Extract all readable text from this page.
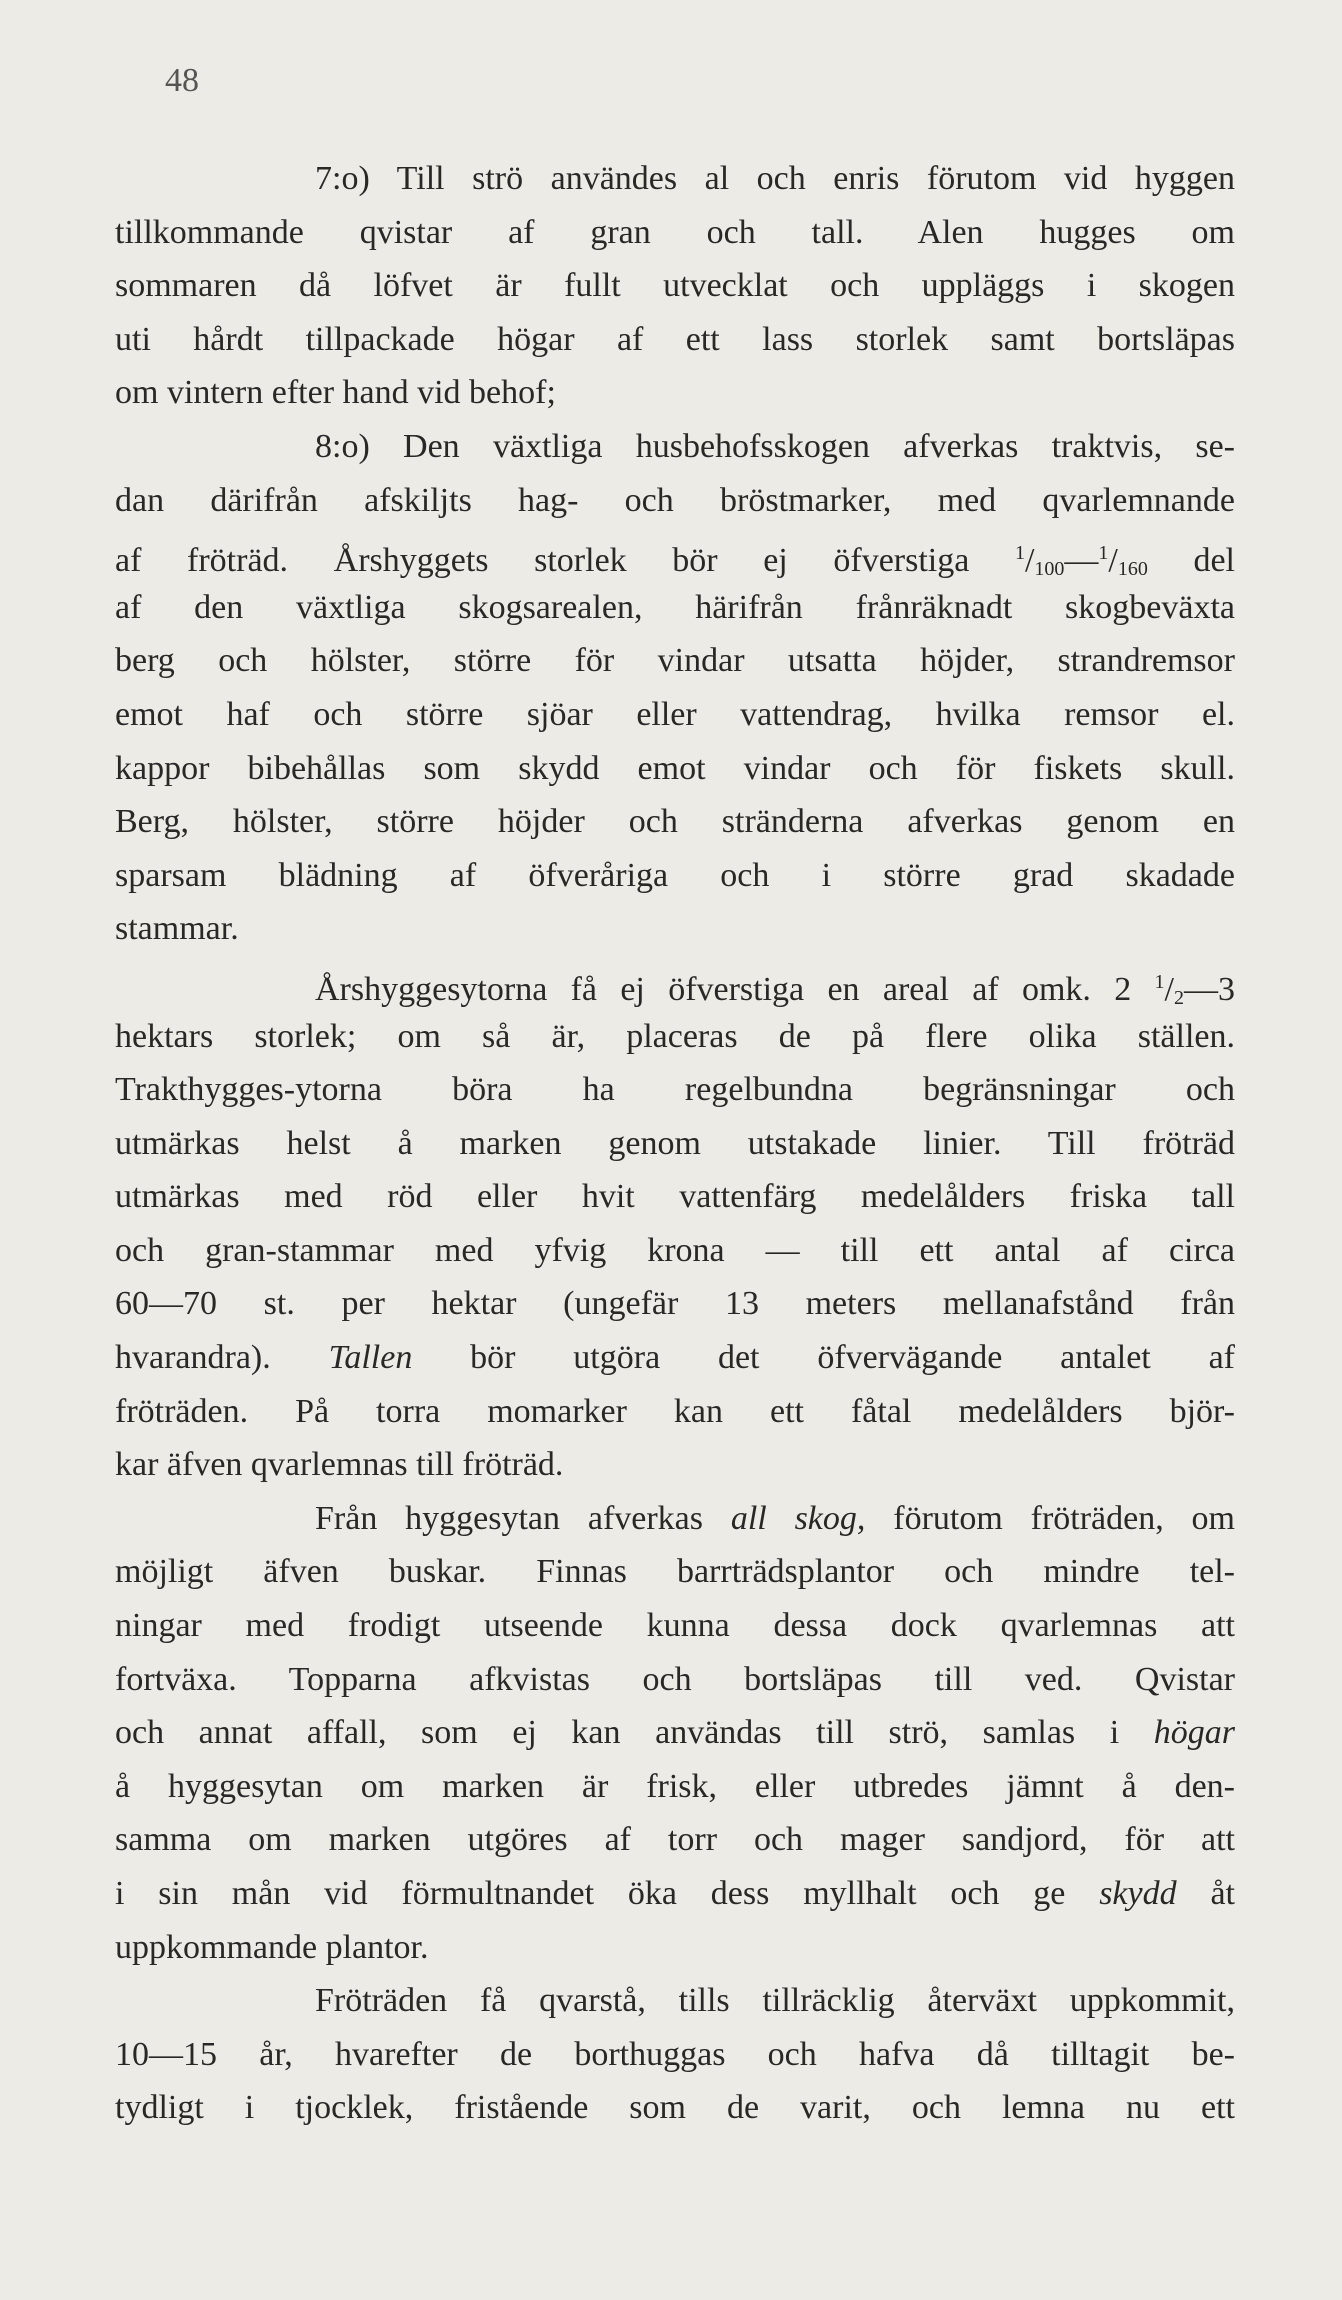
48
7:o) Till strö användes al och enris förutom vid hyggen
tillkommande qvistar af gran och tall. Alen hugges om
sommaren då löfvet är fullt utvecklat och uppläggs i skogen
uti hårdt tillpackade högar af ett lass storlek samt bortsläpas
om vintern efter hand vid behof;
8:o) Den växtliga husbehofsskogen afverkas traktvis, se-
dan därifrån afskiljts hag- och bröstmarker, med qvarlemnande
af fröträd. Årshyggets storlek bör ej öfverstiga $^1/_{100}—^1/_{160}$ del
af den växtliga skogsarealen, härifrån frånräknadt skogbeväxta
berg och hölster, större för vindar utsatta höjder, strandremsor
emot haf och större sjöar eller vattendrag, hvilka remsor el.
kappor bibehållas som skydd emot vindar och för fiskets skull.
Berg, hölster, större höjder och stränderna afverkas genom en
sparsam blädning af öfveråriga och i större grad skadade
stammar.
Årshyggesytorna få ej öfverstiga en areal af omk. 2 $^1/_2—3$
hektars storlek; om så är, placeras de på flere olika ställen.
Trakthygges-ytorna böra ha regelbundna begränsningar och
utmärkas helst å marken genom utstakade linier. Till fröträd
utmärkas med röd eller hvit vattenfärg medelålders friska tall
och gran-stammar med yfvig krona — till ett antal af circa
60—70 st. per hektar (ungefär 13 meters mellanafstånd från
hvarandra). Tallen bör utgöra det öfvervägande antalet af
fröträden. På torra momarker kan ett fåtal medelålders björ-
kar äfven qvarlemnas till fröträd.
Från hyggesytan afverkas all skog, förutom fröträden, om
möjligt äfven buskar. Finnas barrträdsplantor och mindre tel-
ningar med frodigt utseende kunna dessa dock qvarlemnas att
fortväxa. Topparna afkvistas och bortsläpas till ved. Qvistar
och annat affall, som ej kan användas till strö, samlas i högar
å hyggesytan om marken är frisk, eller utbredes jämnt å den-
samma om marken utgöres af torr och mager sandjord, för att
i sin mån vid förmultnandet öka dess myllhalt och ge skydd åt
uppkommande plantor.
Fröträden få qvarstå, tills tillräcklig återväxt uppkommit,
10—15 år, hvarefter de borthuggas och hafva då tilltagit be-
tydligt i tjocklek, fristående som de varit, och lemna nu ett
